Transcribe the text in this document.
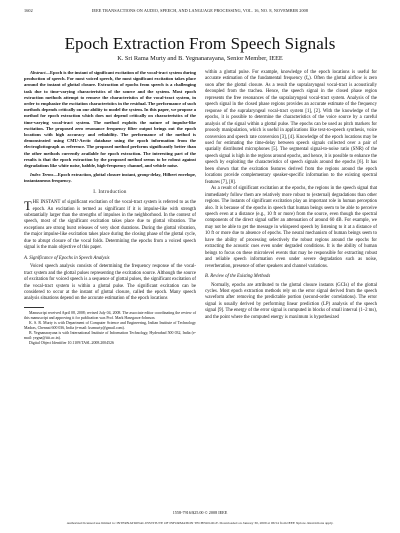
1602	IEEE TRANSACTIONS ON AUDIO, SPEECH, AND LANGUAGE PROCESSING, VOL. 16, NO. 8, NOVEMBER 2008
Epoch Extraction From Speech Signals
K. Sri Rama Murty and B. Yegnanarayana, Senior Member, IEEE

Abstract—Epoch is the instant of significant excitation of the vocal-tract system during production of speech. For most voiced speech, the most significant excitation takes place around the instant of glottal closure. Extraction of epochs from speech is a challenging task due to time-varying characteristics of the source and the system. Most epoch extraction methods attempt to remove the characteristics of the vocal-tract system, in order to emphasize the excitation characteristics in the residual. The performance of such methods depends critically on our ability to model the system. In this paper, we propose a method for epoch extraction which does not depend critically on characteristics of the time-varying vocal-tract system. The method exploits the nature of impulse-like excitation. The proposed zero resonance frequency filter output brings out the epoch locations with high accuracy and reliability. The performance of the method is demonstrated using CMU-Arctic database using the epoch information from the electroglottograph as reference. The proposed method performs significantly better than the other methods currently available for epoch extraction. The interesting part of the results is that the epoch extraction by the proposed method seems to be robust against degradations like white noise, babble, high-frequency channel, and vehicle noise.

Index Terms—Epoch extraction, glottal closure instant, group-delay, Hilbert envelope, instantaneous frequency.

I. Introduction

THE INSTANT of significant excitation of the vocal-tract system is referred to as the epoch. An excitation is termed as significant if it is impulse-like with strength substantially larger than the strengths of impulses in the neighborhood. In the context of speech, most of the significant excitation takes place due to glottal vibration. The exceptions are strong burst releases of very short durations. During the glottal vibration, the major impulse-like excitation takes place during the closing phase of the glottal cycle, due to abrupt closure of the vocal folds. Determining the epochs from a voiced speech signal is the main objective of this paper.

A. Significance of Epochs in Speech Analysis

Voiced speech analysis consists of determining the frequency response of the vocal-tract system and the glottal pulses representing the excitation source. Although the source of excitation for voiced speech is a sequence of glottal pulses, the significant excitation of the vocal-tract system is within a glottal pulse. The significant excitation can be considered to occur at the instant of glottal closure, called the epoch. Many speech analysis situations depend on the accurate estimation of the epoch locations

Manuscript received April 08, 2008; revised July 04, 2008. The associate editor coordinating the review of this manuscript and approving it for publication was Prof. Mark Hasegawa-Johnson.

K. S. R. Murty is with Department of Computer Science and Engineering, Indian Institute of Technology Madras, Chennai 600 036, India (e-mail: ksrmurty@gmail.com).

B. Yegnanarayana is with International Institute of Information Technology, Hyderabad 500 032, India (e-mail: yegna@iiit.ac.in).

Digital Object Identifier 10.1109/TASL.2008.2004526

within a glottal pulse. For example, knowledge of the epoch locations is useful for accurate estimation of the fundamental frequency (f₀). Often the glottal airflow is zero soon after the glottal closure. As a result the supralaryngeal vocal-tract is acoustically decoupled from the trachea. Hence, the speech signal in the closed phase region represents the free resonances of the supralaryngeal vocal-tract system. Analysis of the speech signal in the closed phase regions provides an accurate estimate of the frequency response of the supralaryngeal vocal-tract system [1], [2]. With the knowledge of the epochs, it is possible to determine the characteristics of the voice source by a careful analysis of the signal within a glottal pulse. The epochs can be used as pitch markers for prosody manipulation, which is useful in applications like text-to-speech synthesis, voice conversion and speech rate conversion [3], [4]. Knowledge of the epoch locations may be used for estimating the time-delay between speech signals collected over a pair of spatially distributed microphones [5]. The segmental signal-to-noise ratio (SNR) of the speech signal is high in the regions around epochs, and hence, it is possible to enhance the speech by exploiting the characteristics of speech signals around the epochs [6]. It has been shown that the excitation features derived from the regions around the epoch locations provide complementary speaker-specific information to the existing spectral features [7], [8].

As a result of significant excitation at the epochs, the regions in the speech signal that immediately follow them are relatively more robust to (external) degradations than other regions. The instants of significant excitation play an important role in human perception also. It is because of the epochs in speech that human beings seem to be able to perceive speech even at a distance (e.g., 10 ft or more) from the source, even though the spectral components of the direct signal suffer an attenuation of around 60 dB. For example, we may not be able to get the message in whispered speech by listening to it at a distance of 10 ft or more due to absence of epochs. The neural mechanism of human beings seem to have the ability of processing selectively the robust regions around the epochs for extracting the acoustic cues even under degraded conditions. It is the ability of human beings to focus on these microlevel events that may be responsible for extracting robust and reliable speech information even under severe degradation such as noise, reverberation, presence of other speakers and channel variations.

B. Review of the Existing Methods

Normally, epochs are attributed to the glottal closure instants (GCIs) of the glottal cycles. Most epoch extraction methods rely on the error signal derived from the speech waveform after removing the predictable portion (second-order correlations). The error signal is usually derived by performing linear prediction (LP) analysis of the speech signal [9]. The energy of the error signal is computed in blocks of small interval (1–2 ms), and the point where the computed energy is maximum is hypothesized

1558-7916/$25.00 © 2008 IEEE
Authorized licensed use limited to: INTERNATIONAL INSTITUTE OF INFORMATION TECHNOLOGY. Downloaded on January 30, 2009 at 06:54 from IEEE Xplore. Restrictions apply.
